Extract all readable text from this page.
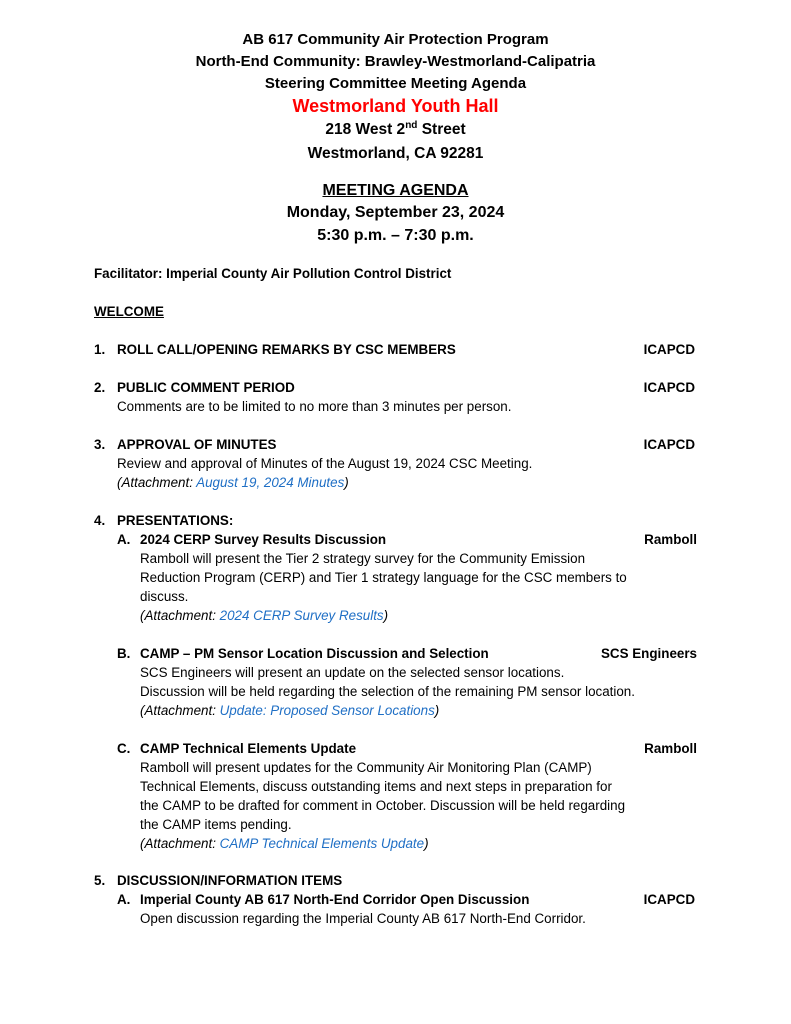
AB 617 Community Air Protection Program
North-End Community: Brawley-Westmorland-Calipatria
Steering Committee Meeting Agenda
Westmorland Youth Hall
218 West 2nd Street
Westmorland, CA 92281
MEETING AGENDA
Monday, September 23, 2024
5:30 p.m. – 7:30 p.m.
Facilitator: Imperial County Air Pollution Control District
WELCOME
1. ROLL CALL/OPENING REMARKS BY CSC MEMBERS	ICAPCD
2. PUBLIC COMMENT PERIOD	ICAPCD
Comments are to be limited to no more than 3 minutes per person.
3. APPROVAL OF MINUTES	ICAPCD
Review and approval of Minutes of the August 19, 2024 CSC Meeting.
(Attachment: August 19, 2024 Minutes)
4. PRESENTATIONS:
A. 2024 CERP Survey Results Discussion	Ramboll
Ramboll will present the Tier 2 strategy survey for the Community Emission
Reduction Program (CERP) and Tier 1 strategy language for the CSC members to
discuss.
(Attachment: 2024 CERP Survey Results)
B. CAMP – PM Sensor Location Discussion and Selection	SCS Engineers
SCS Engineers will present an update on the selected sensor locations.
Discussion will be held regarding the selection of the remaining PM sensor location.
(Attachment: Update: Proposed Sensor Locations)
C. CAMP Technical Elements Update	Ramboll
Ramboll will present updates for the Community Air Monitoring Plan (CAMP)
Technical Elements, discuss outstanding items and next steps in preparation for
the CAMP to be drafted for comment in October. Discussion will be held regarding
the CAMP items pending.
(Attachment: CAMP Technical Elements Update)
5. DISCUSSION/INFORMATION ITEMS
A. Imperial County AB 617 North-End Corridor Open Discussion	ICAPCD
Open discussion regarding the Imperial County AB 617 North-End Corridor.
